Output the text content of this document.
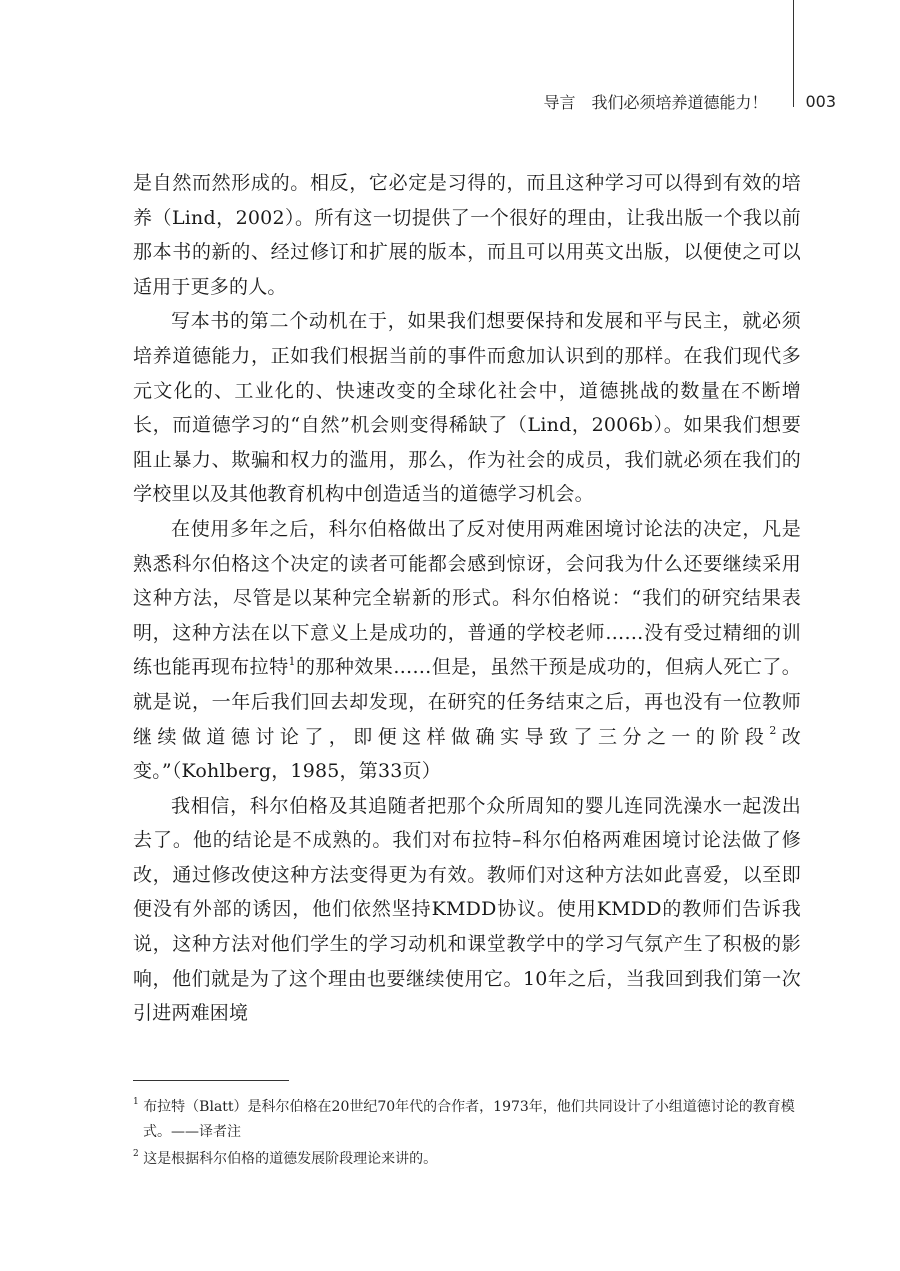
导言　我们必须培养道德能力！	003

是自然而然形成的。相反，它必定是习得的，而且这种学习可以得到有效的培养（Lind，2002）。所有这一切提供了一个很好的理由，让我出版一个我以前那本书的新的、经过修订和扩展的版本，而且可以用英文出版，以便使之可以适用于更多的人。

写本书的第二个动机在于，如果我们想要保持和发展和平与民主，就必须培养道德能力，正如我们根据当前的事件而愈加认识到的那样。在我们现代多元文化的、工业化的、快速改变的全球化社会中，道德挑战的数量在不断增长，而道德学习的“自然”机会则变得稀缺了（Lind，2006b）。如果我们想要阻止暴力、欺骗和权力的滥用，那么，作为社会的成员，我们就必须在我们的学校里以及其他教育机构中创造适当的道德学习机会。

在使用多年之后，科尔伯格做出了反对使用两难困境讨论法的决定，凡是熟悉科尔伯格这个决定的读者可能都会感到惊讶，会问我为什么还要继续采用这种方法，尽管是以某种完全崭新的形式。科尔伯格说：“我们的研究结果表明，这种方法在以下意义上是成功的，普通的学校老师……没有受过精细的训练也能再现布拉特$^1$的那种效果……但是，虽然干预是成功的，但病人死亡了。就是说，一年后我们回去却发现，在研究的任务结束之后，再也没有一位教师继续做道德讨论了，即便这样做确实导致了三分之一的阶段$^2$改变。”（Kohlberg，1985，第33页）

我相信，科尔伯格及其追随者把那个众所周知的婴儿连同洗澡水一起泼出去了。他的结论是不成熟的。我们对布拉特–科尔伯格两难困境讨论法做了修改，通过修改使这种方法变得更为有效。教师们对这种方法如此喜爱，以至即便没有外部的诱因，他们依然坚持KMDD协议。使用KMDD的教师们告诉我说，这种方法对他们学生的学习动机和课堂教学中的学习气氛产生了积极的影响，他们就是为了这个理由也要继续使用它。10年之后，当我回到我们第一次引进两难困境

$^1$ 布拉特（Blatt）是科尔伯格在20世纪70年代的合作者，1973年，他们共同设计了小组道德讨论的教育模式。——译者注

$^2$ 这是根据科尔伯格的道德发展阶段理论来讲的。
